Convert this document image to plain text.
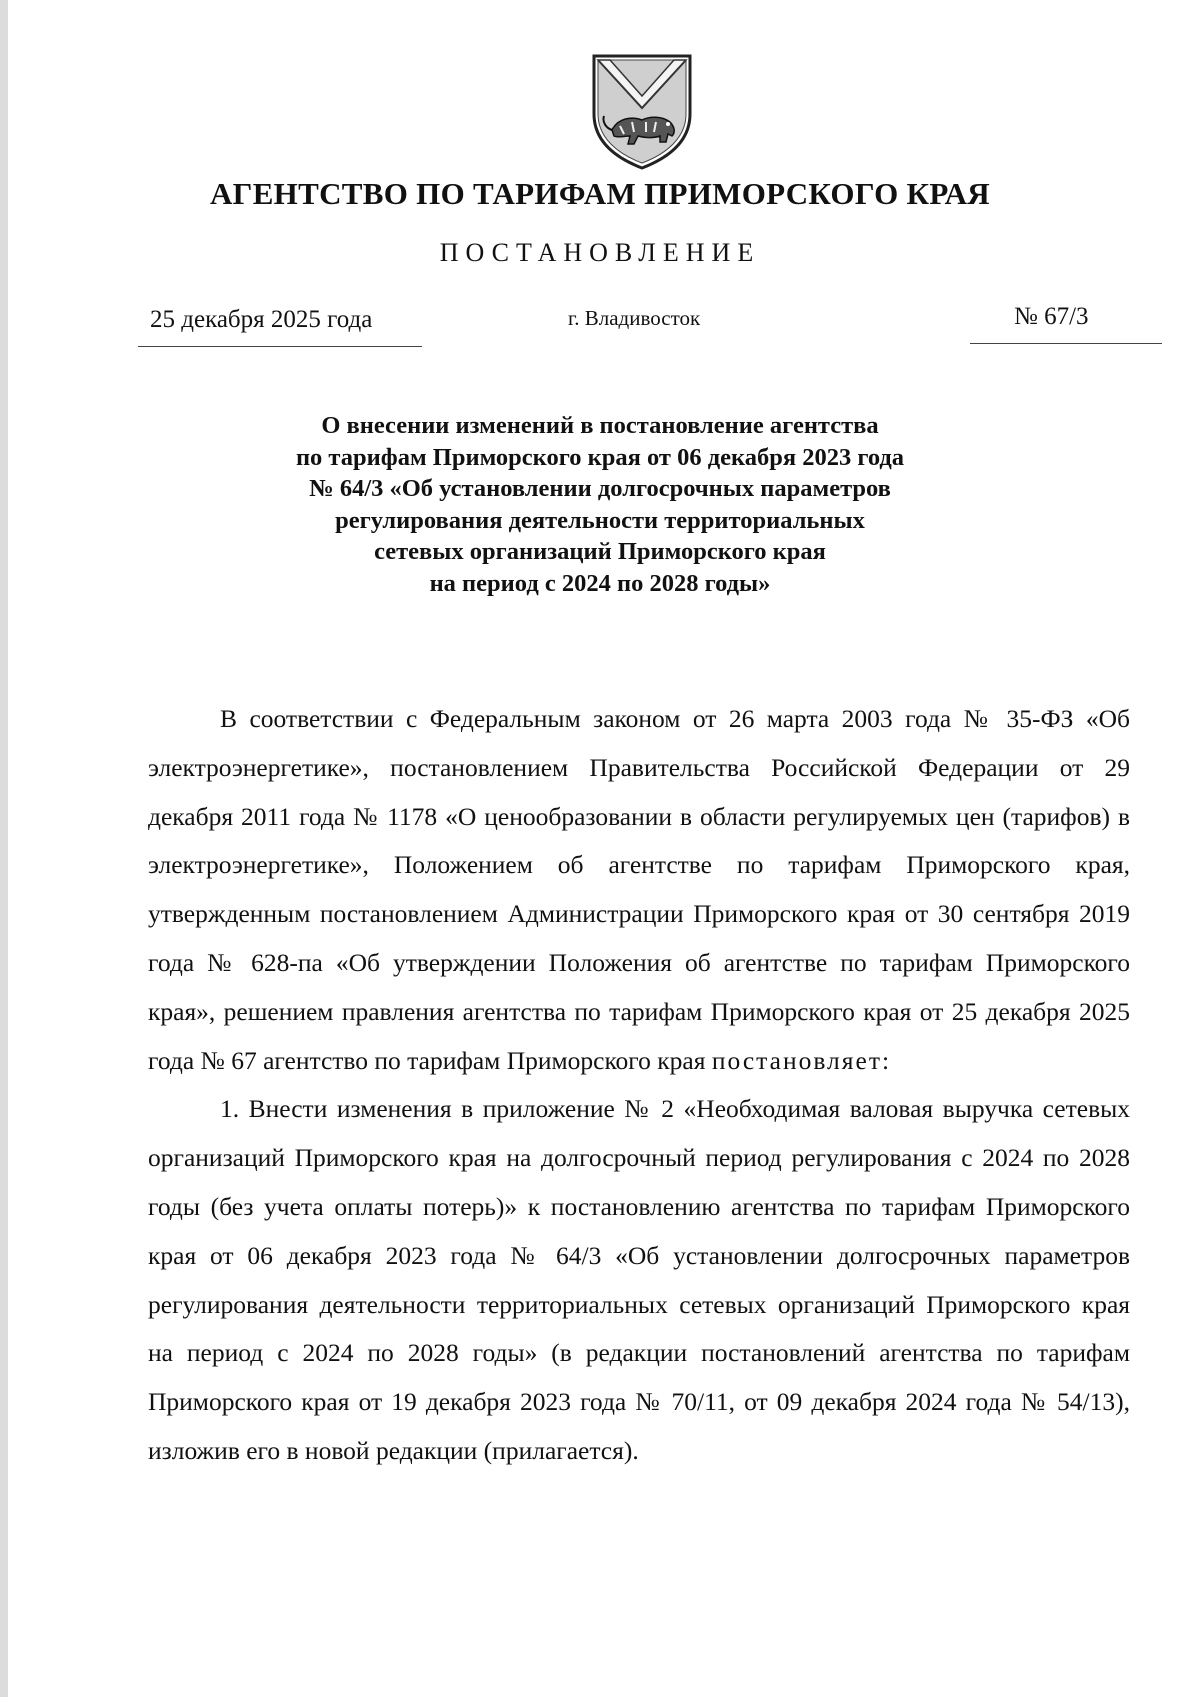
АГЕНТСТВО ПО ТАРИФАМ ПРИМОРСКОГО КРАЯ
ПОСТАНОВЛЕНИЕ
25 декабря 2025 года	г. Владивосток	№ 67/3
О внесении изменений в постановление агентства
по тарифам Приморского края от 06 декабря 2023 года
№ 64/3 «Об установлении долгосрочных параметров
регулирования деятельности территориальных
сетевых организаций Приморского края
на период с 2024 по 2028 годы»

В соответствии с Федеральным законом от 26 марта 2003 года № 35-ФЗ «Об электроэнергетике», постановлением Правительства Российской Федерации от 29 декабря 2011 года № 1178 «О ценообразовании в области регулируемых цен (тарифов) в электроэнергетике», Положением об агентстве по тарифам Приморского края, утвержденным постановлением Администрации Приморского края от 30 сентября 2019 года № 628-па «Об утверждении Положения об агентстве по тарифам Приморского края», решением правления агентства по тарифам Приморского края от 25 декабря 2025 года № 67 агентство по тарифам Приморского края постановляет:

1. Внести изменения в приложение № 2 «Необходимая валовая выручка сетевых организаций Приморского края на долгосрочный период регулирования с 2024 по 2028 годы (без учета оплаты потерь)» к постановлению агентства по тарифам Приморского края от 06 декабря 2023 года № 64/3 «Об установлении долгосрочных параметров регулирования деятельности территориальных сетевых организаций Приморского края на период с 2024 по 2028 годы» (в редакции постановлений агентства по тарифам Приморского края от 19 декабря 2023 года № 70/11, от 09 декабря 2024 года № 54/13), изложив его в новой редакции (прилагается).
